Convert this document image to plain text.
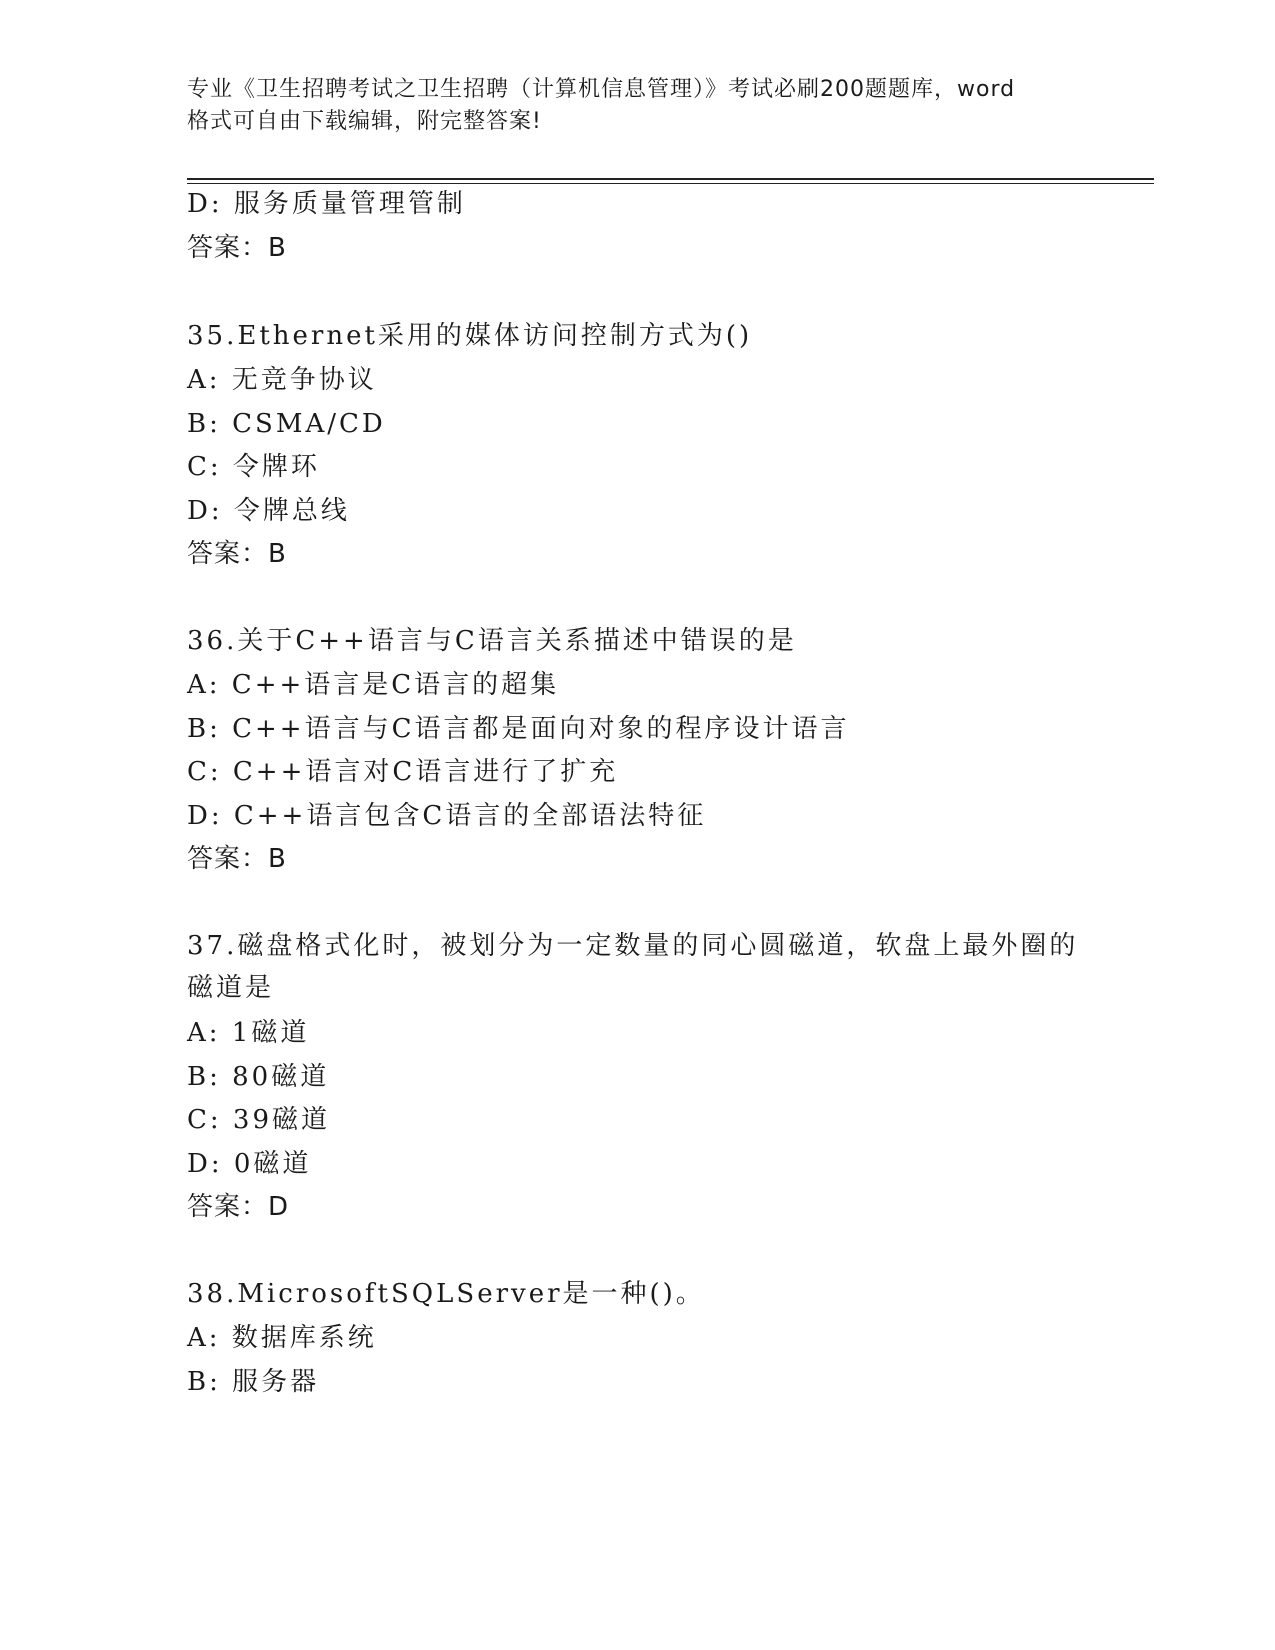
专业《卫生招聘考试之卫生招聘（计算机信息管理）》考试必刷200题题库，word
格式可自由下载编辑，附完整答案!
D: 服务质量管理管制
答案：B
35.Ethernet采用的媒体访问控制方式为()
A: 无竞争协议
B: CSMA/CD
C: 令牌环
D: 令牌总线
答案：B
36.关于C++语言与C语言关系描述中错误的是
A: C++语言是C语言的超集
B: C++语言与C语言都是面向对象的程序设计语言
C: C++语言对C语言进行了扩充
D: C++语言包含C语言的全部语法特征
答案：B
37.磁盘格式化时，被划分为一定数量的同心圆磁道，软盘上最外圈的
磁道是
A: 1磁道
B: 80磁道
C: 39磁道
D: 0磁道
答案：D
38.MicrosoftSQLServer是一种()。
A: 数据库系统
B: 服务器
